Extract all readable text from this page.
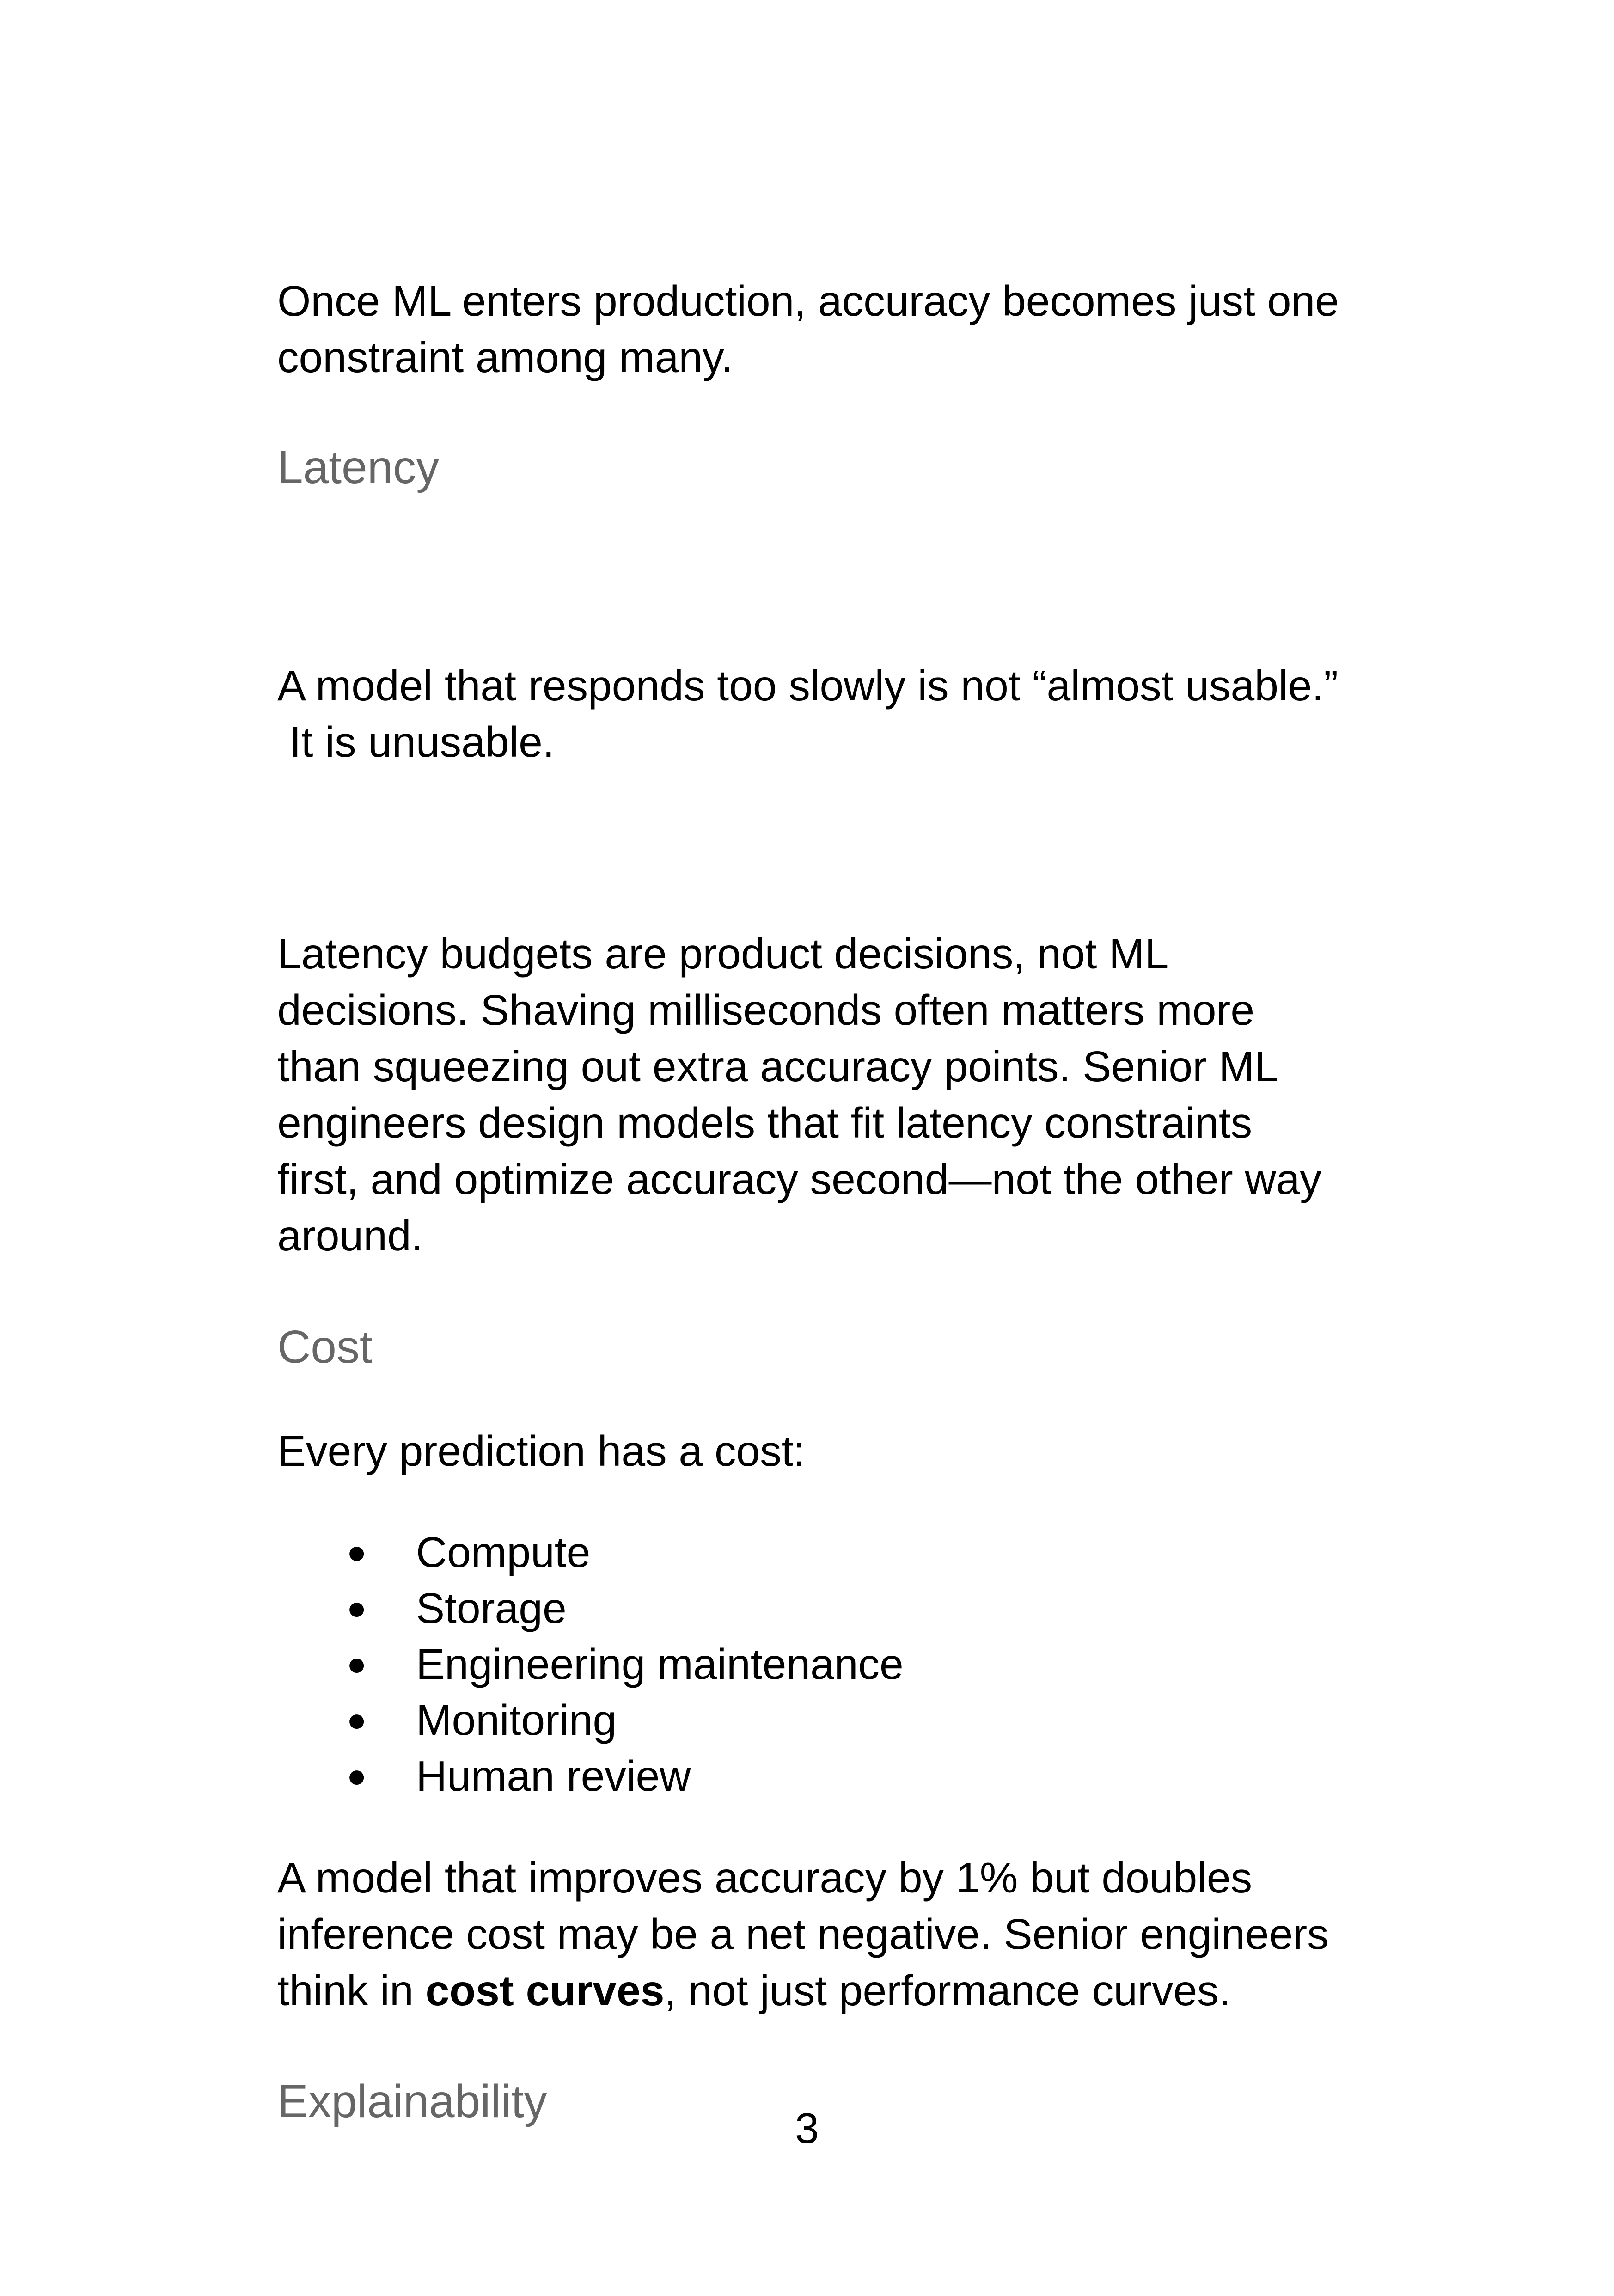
Once ML enters production, accuracy becomes just one constraint among many.

Latency

A model that responds too slowly is not “almost usable.”
It is unusable.

Latency budgets are product decisions, not ML decisions. Shaving milliseconds often matters more than squeezing out extra accuracy points. Senior ML engineers design models that fit latency constraints first, and optimize accuracy second—not the other way around.

Cost

Every prediction has a cost:

● Compute
● Storage
● Engineering maintenance
● Monitoring
● Human review

A model that improves accuracy by 1% but doubles inference cost may be a net negative. Senior engineers think in cost curves, not just performance curves.

Explainability
3
